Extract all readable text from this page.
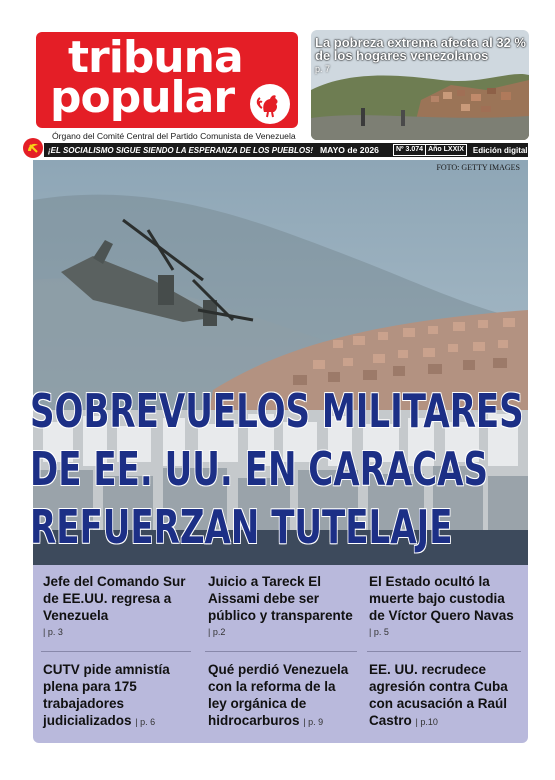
tribuna
popular
Órgano del Comité Central del Partido Comunista de Venezuela
¡EL SOCIALISMO SIGUE SIENDO LA ESPERANZA DE LOS PUEBLOS! MAYO de 2026	Nº 3.074 Año LXXIX	Edición digital
La pobreza extrema afecta al 32 % de los hogares venezolanos
p. 7
FOTO: GETTY IMAGES
SOBREVUELOS MILITARES
DE EE. UU. EN CARACAS
REFUERZAN TUTELAJE
Jefe del Comando Sur de EE.UU. regresa a Venezuela
| p. 3
Juicio a Tareck El Aissami debe ser público y transparente
| p.2
El Estado ocultó la muerte bajo custodia de Víctor Quero Navas
| p. 5
CUTV pide amnistía plena para 175 trabajadores judicializados | p. 6
Qué perdió Venezuela con la reforma de la ley orgánica de hidrocarburos | p. 9
EE. UU. recrudece agresión contra Cuba con acusación a Raúl Castro | p.10
